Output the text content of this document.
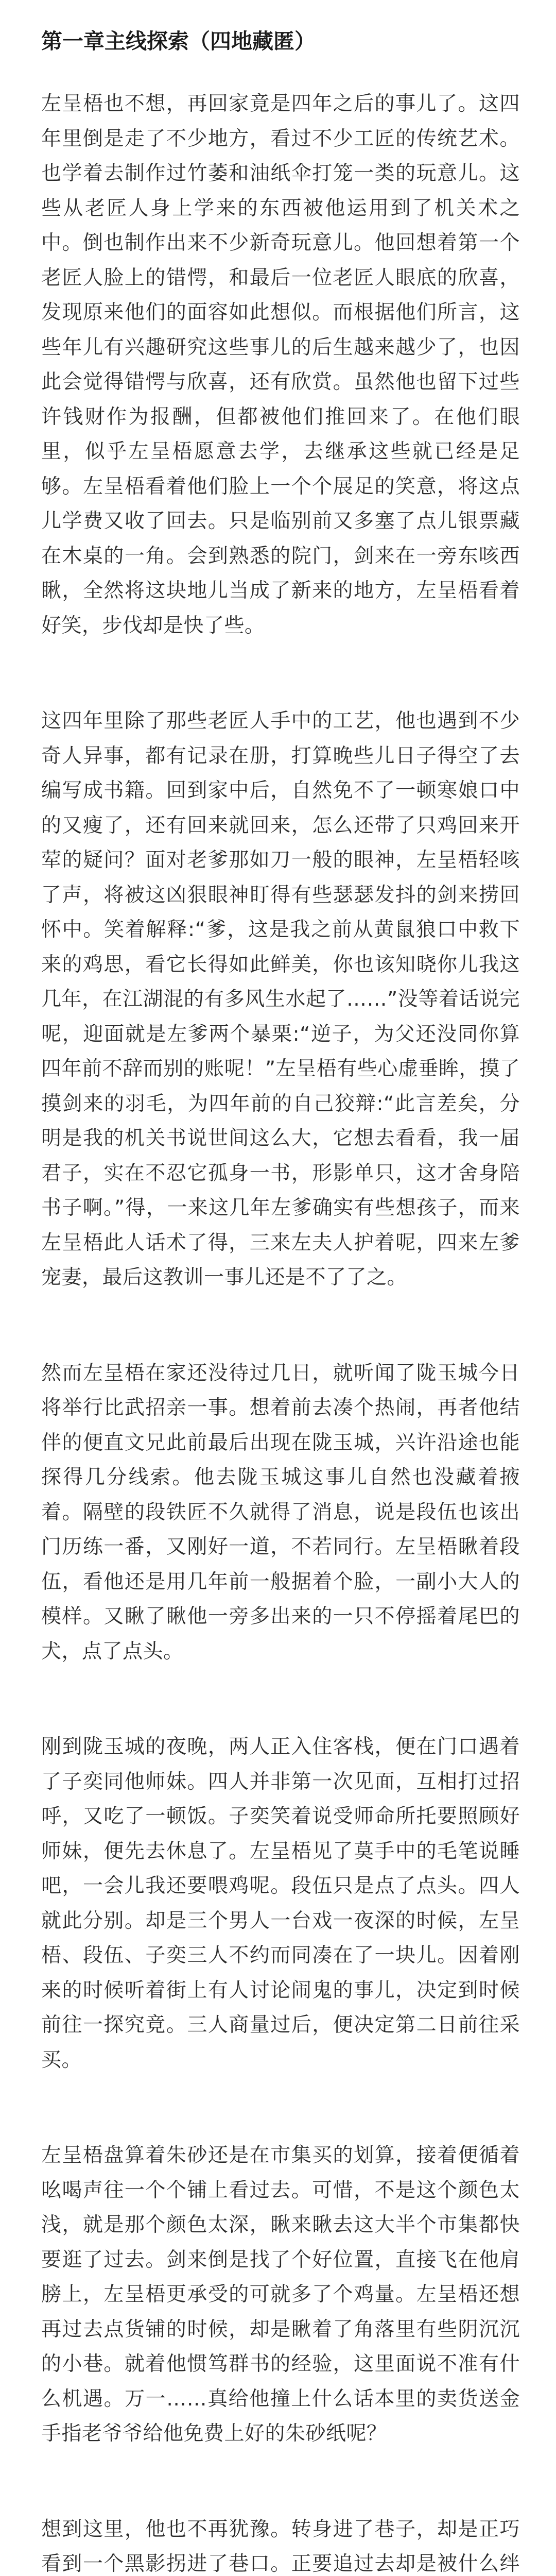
第一章主线探索（四地藏匿）

左呈梧也不想，再回家竟是四年之后的事儿了。这四年里倒是走了不少地方，看过不少工匠的传统艺术。也学着去制作过竹萎和油纸伞打笼一类的玩意儿。这些从老匠人身上学来的东西被他运用到了机关术之中。倒也制作出来不少新奇玩意儿。他回想着第一个老匠人脸上的错愕，和最后一位老匠人眼底的欣喜，发现原来他们的面容如此想似。而根据他们所言，这些年儿有兴趣研究这些事儿的后生越来越少了，也因此会觉得错愕与欣喜，还有欣赏。虽然他也留下过些许钱财作为报酬，但都被他们推回来了。在他们眼里，似乎左呈梧愿意去学，去继承这些就已经是足够。左呈梧看着他们脸上一个个展足的笑意，将这点儿学费又收了回去。只是临别前又多塞了点儿银票藏在木桌的一角。会到熟悉的院门，剑来在一旁东咳西瞅，全然将这块地儿当成了新来的地方，左呈梧看着好笑，步伐却是快了些。

这四年里除了那些老匠人手中的工艺，他也遇到不少奇人异事，都有记录在册，打算晚些儿日子得空了去编写成书籍。回到家中后，自然免不了一顿寒娘口中的又瘦了，还有回来就回来，怎么还带了只鸡回来开荤的疑问？面对老爹那如刀一般的眼神，左呈梧轻咳了声，将被这凶狠眼神盯得有些瑟瑟发抖的剑来捞回怀中。笑着解释:“爹，这是我之前从黄鼠狼口中救下来的鸡思，看它长得如此鲜美，你也该知晓你儿我这几年，在江湖混的有多风生水起了……”没等着话说完呢，迎面就是左爹两个暴栗:“逆子，为父还没同你算四年前不辞而别的账呢！”左呈梧有些心虚垂眸，摸了摸剑来的羽毛，为四年前的自己狡辩:“此言差矣，分明是我的机关书说世间这么大，它想去看看，我一届君子，实在不忍它孤身一书，形影单只，这才舍身陪书子啊。”得，一来这几年左爹确实有些想孩子，而来左呈梧此人话术了得，三来左夫人护着呢，四来左爹宠妻，最后这教训一事儿还是不了了之。

然而左呈梧在家还没待过几日，就听闻了陇玉城今日将举行比武招亲一事。想着前去凑个热闹，再者他结伴的便直文兄此前最后出现在陇玉城，兴许沿途也能探得几分线索。他去陇玉城这事儿自然也没藏着掖着。隔壁的段铁匠不久就得了消息，说是段伍也该出门历练一番，又刚好一道，不若同行。左呈梧瞅着段伍，看他还是用几年前一般据着个脸，一副小大人的模样。又瞅了瞅他一旁多出来的一只不停摇着尾巴的犬，点了点头。

刚到陇玉城的夜晚，两人正入住客栈，便在门口遇着了子奕同他师妹。四人并非第一次见面，互相打过招呼，又吃了一顿饭。子奕笑着说受师命所托要照顾好师妹，便先去休息了。左呈梧见了莫手中的毛笔说睡吧，一会儿我还要喂鸡呢。段伍只是点了点头。四人就此分别。却是三个男人一台戏一夜深的时候，左呈梧、段伍、子奕三人不约而同凑在了一块儿。因着刚来的时候听着街上有人讨论闹鬼的事儿，决定到时候前往一探究竟。三人商量过后，便决定第二日前往采买。

左呈梧盘算着朱砂还是在市集买的划算，接着便循着吆喝声往一个个铺上看过去。可惜，不是这个颜色太浅，就是那个颜色太深，瞅来瞅去这大半个市集都快要逛了过去。剑来倒是找了个好位置，直接飞在他肩膀上，左呈梧更承受的可就多了个鸡量。左呈梧还想再过去点货铺的时候，却是瞅着了角落里有些阴沉沉的小巷。就着他惯笃群书的经验，这里面说不准有什么机遇。万一……真给他撞上什么话本里的卖货送金手指老爷爷给他免费上好的朱砂纸呢？

想到这里，他也不再犹豫。转身进了巷子，却是正巧看到一个黑影拐进了巷口。正要追过去却是被什么绊
